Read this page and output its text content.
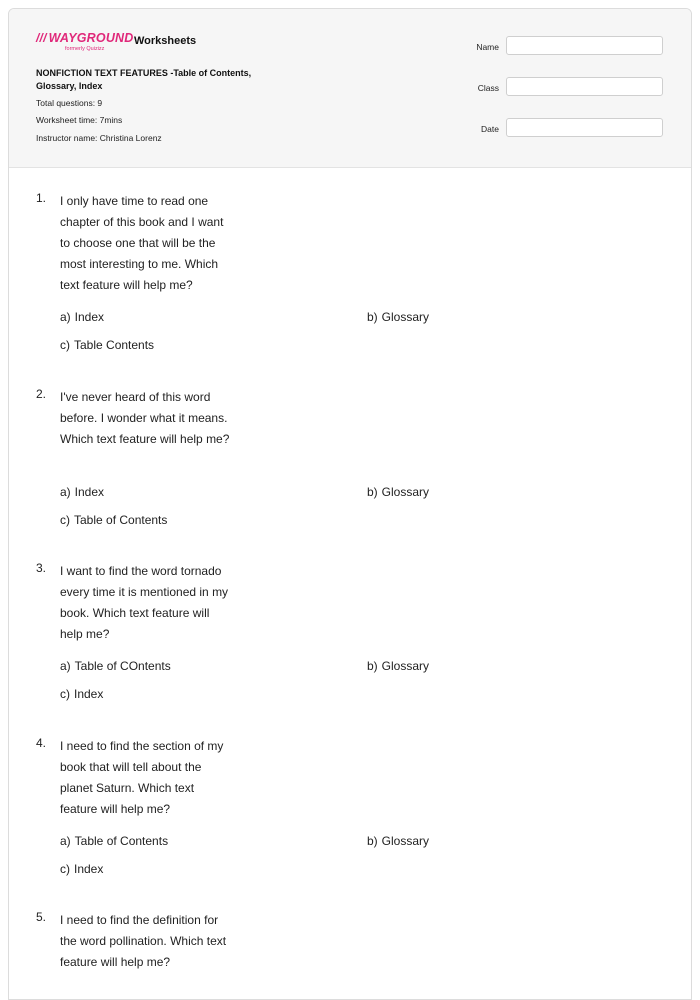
/// WAYGROUND
formerly Quizizz
Worksheets
NONFICTION TEXT FEATURES -Table of Contents, Glossary, Index
Total questions: 9
Worksheet time: 7mins
Instructor name: Christina Lorenz
Name
Class
Date
1. I only have time to read one chapter of this book and I want to choose one that will be the most interesting to me. Which text feature will help me?
a) Index	b) Glossary
c) Table Contents
2. I've never heard of this word before. I wonder what it means. Which text feature will help me?
a) Index	b) Glossary
c) Table of Contents
3. I want to find the word tornado every time it is mentioned in my book. Which text feature will help me?
a) Table of COntents	b) Glossary
c) Index
4. I need to find the section of my book that will tell about the planet Saturn. Which text feature will help me?
a) Table of Contents	b) Glossary
c) Index
5. I need to find the definition for the word pollination. Which text feature will help me?
